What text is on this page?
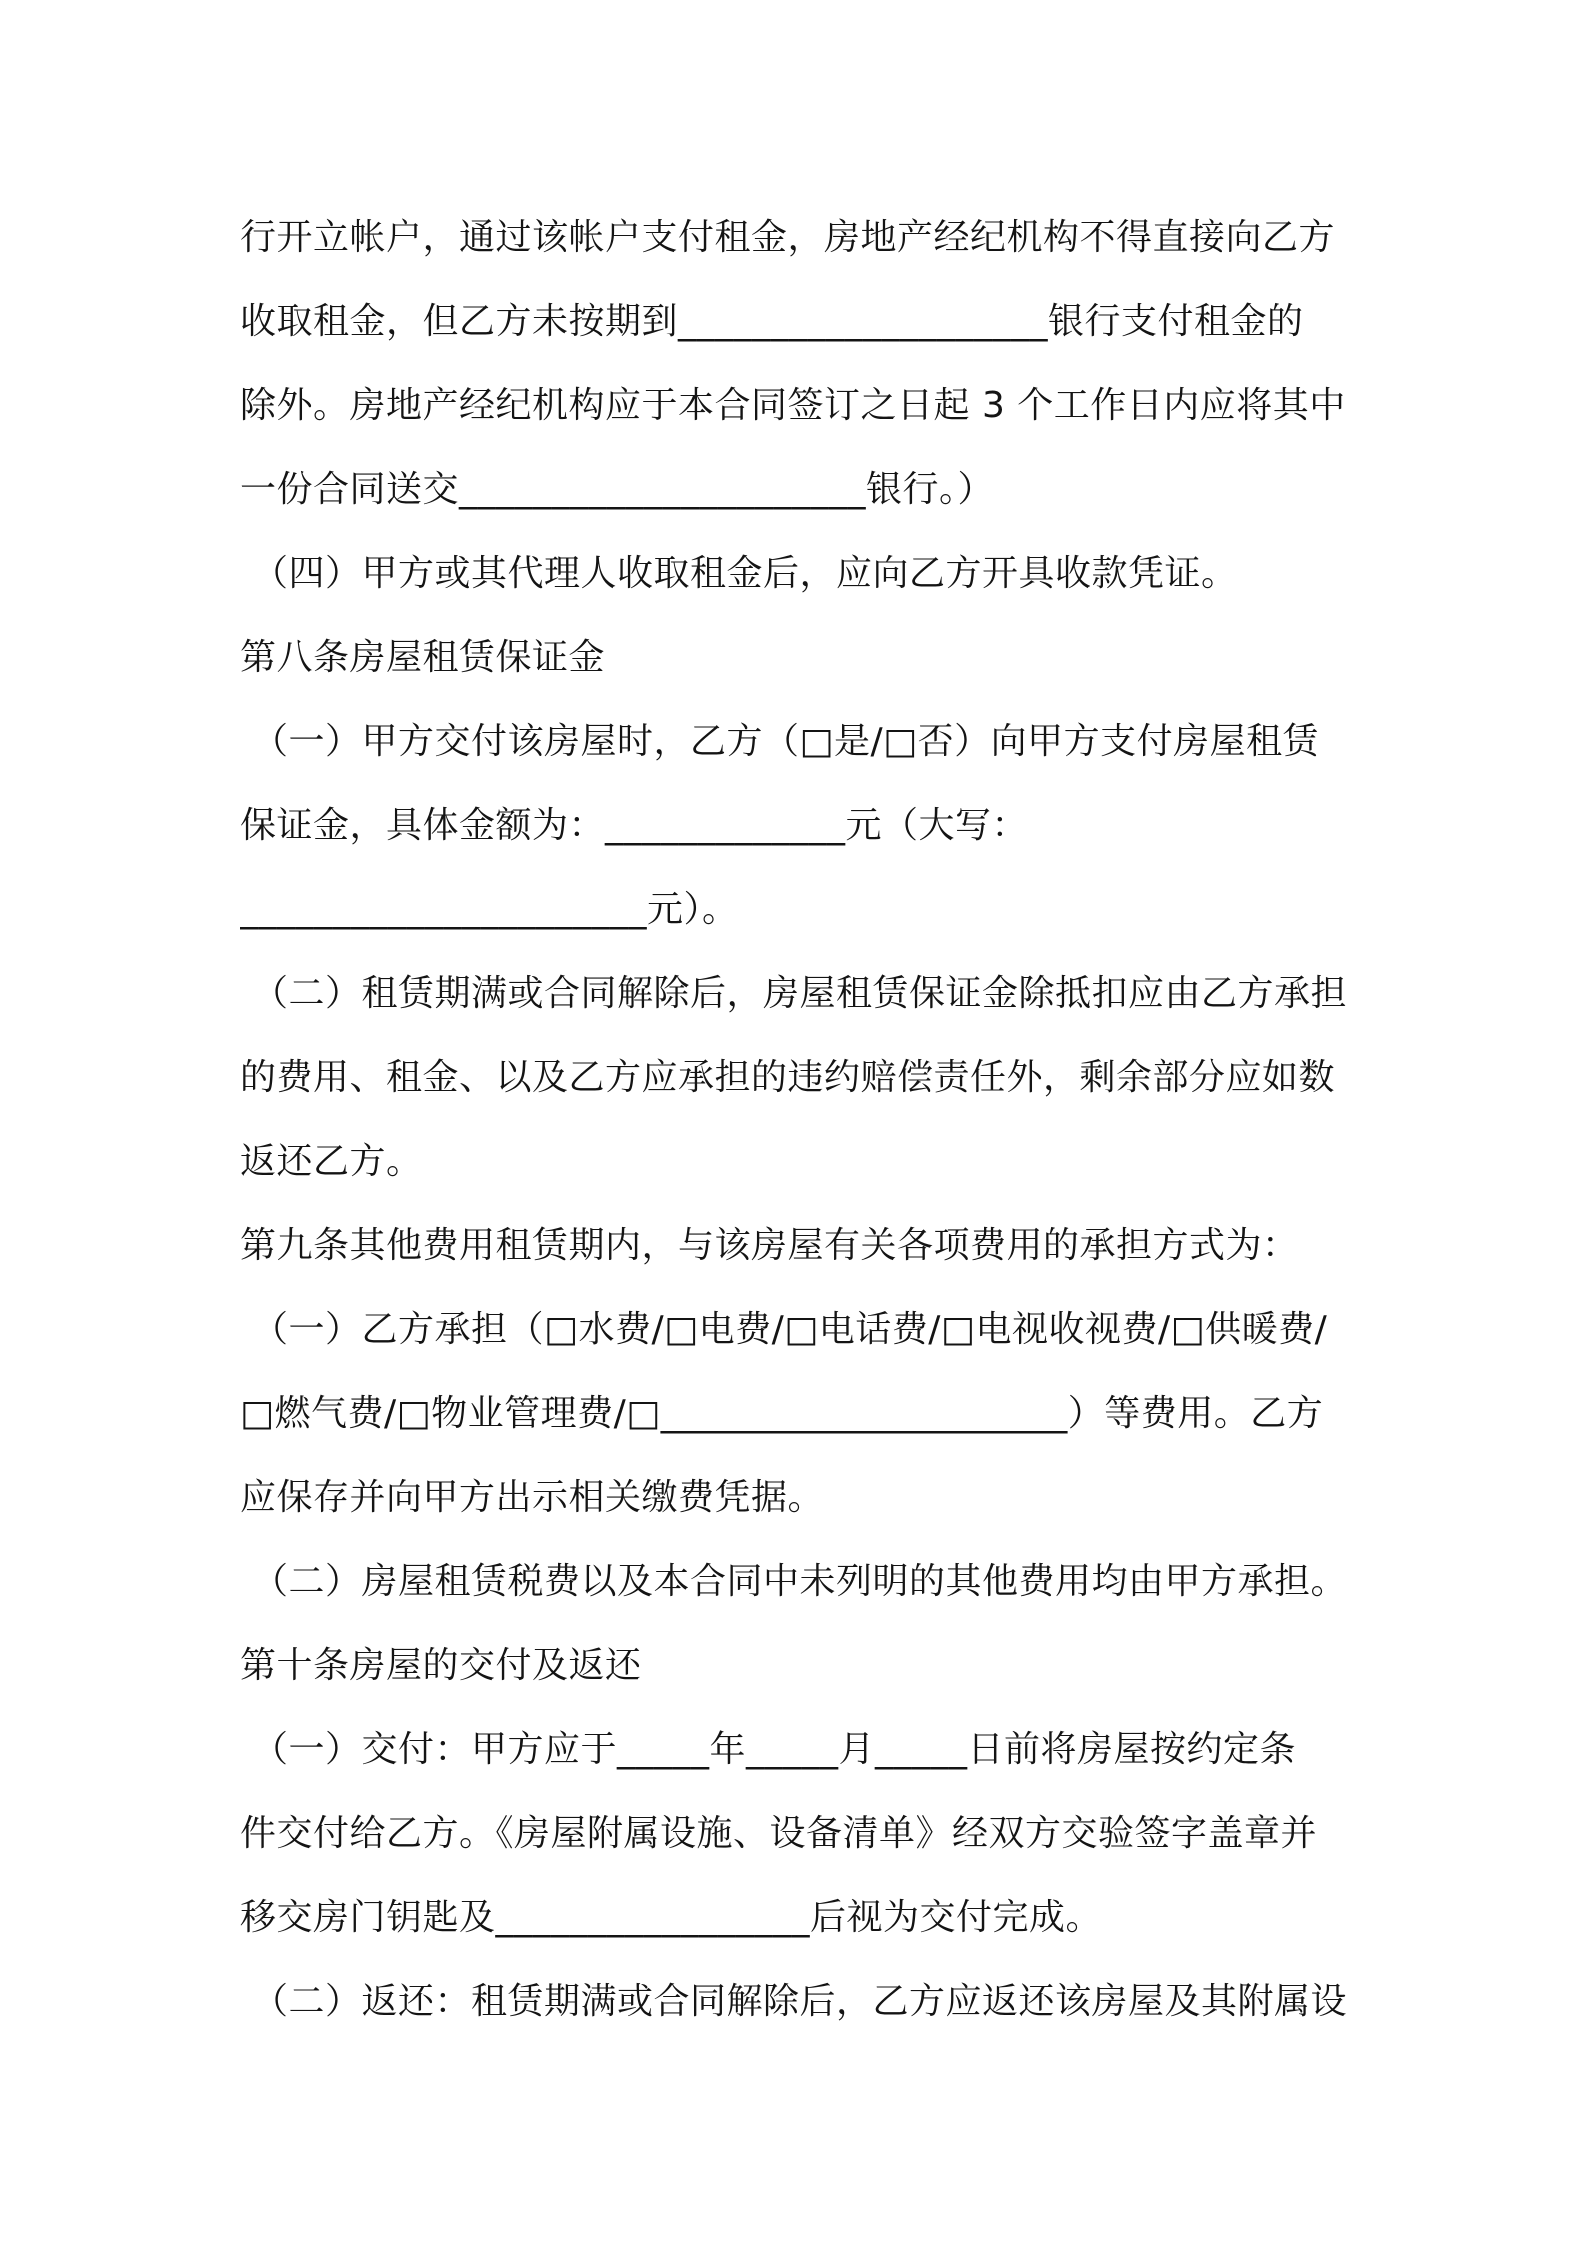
行开立帐户，通过该帐户支付租金，房地产经纪机构不得直接向乙方
收取租金，但乙方未按期到____________________银行支付租金的
除外。房地产经纪机构应于本合同签订之日起 3 个工作日内应将其中
一份合同送交______________________银行。）
（四）甲方或其代理人收取租金后，应向乙方开具收款凭证。
第八条房屋租赁保证金
（一）甲方交付该房屋时，乙方（□是/□否）向甲方支付房屋租赁
保证金，具体金额为：_____________元（大写：
______________________元）。
（二）租赁期满或合同解除后，房屋租赁保证金除抵扣应由乙方承担
的费用、租金、以及乙方应承担的违约赔偿责任外，剩余部分应如数
返还乙方。
第九条其他费用租赁期内，与该房屋有关各项费用的承担方式为：
（一）乙方承担（□水费/□电费/□电话费/□电视收视费/□供暖费/
□燃气费/□物业管理费/□______________________）等费用。乙方
应保存并向甲方出示相关缴费凭据。
（二）房屋租赁税费以及本合同中未列明的其他费用均由甲方承担。
第十条房屋的交付及返还
（一）交付：甲方应于_____年_____月_____日前将房屋按约定条
件交付给乙方。《房屋附属设施、设备清单》经双方交验签字盖章并
移交房门钥匙及_________________后视为交付完成。
（二）返还：租赁期满或合同解除后，乙方应返还该房屋及其附属设
